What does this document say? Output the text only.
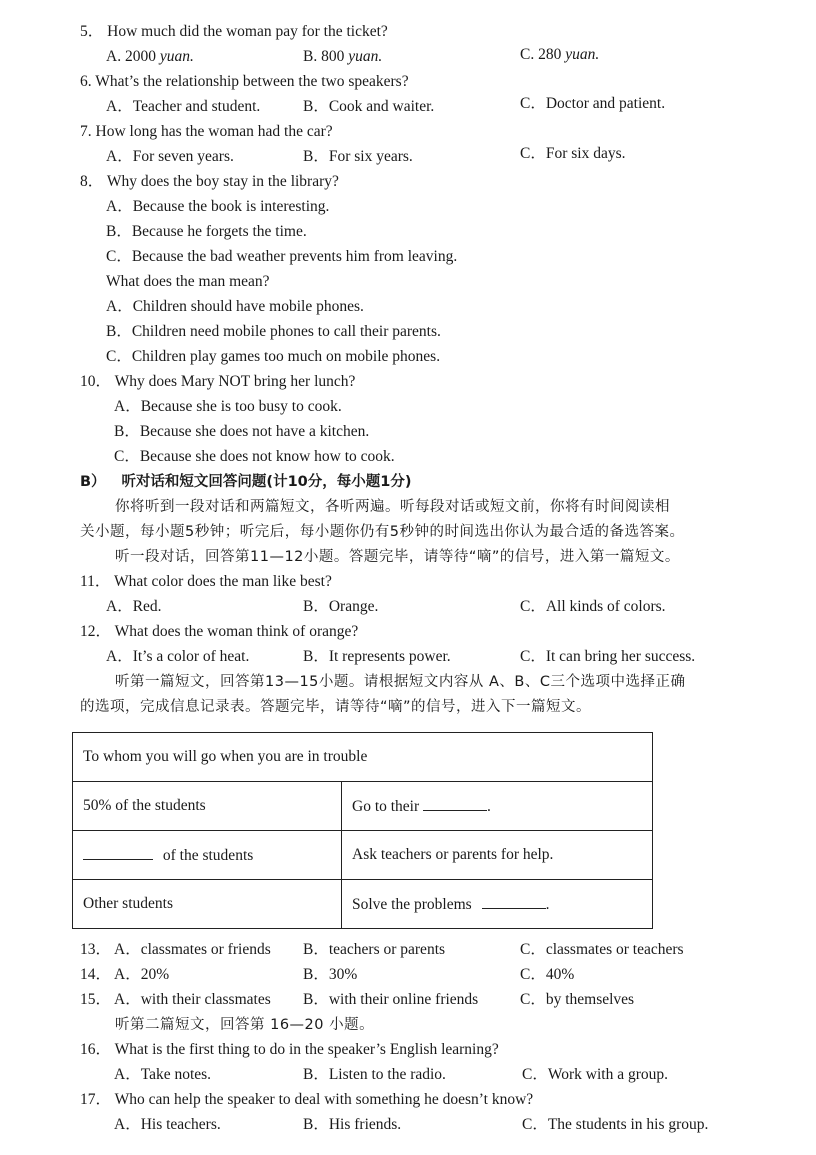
5． How much did the woman pay for the ticket?
A. 2000 yuan.	B. 800 yuan.	C. 280 yuan.
6. What’s the relationship between the two speakers?
A．Teacher and student.	B．Cook and waiter.	C．Doctor and patient.
7. How long has the woman had the car?
A．For seven years.	B．For six years.	C．For six days.
8． Why does the boy stay in the library?
A．Because the book is interesting.
B．Because he forgets the time.
C．Because the bad weather prevents him from leaving.
What does the man mean?
A．Children should have mobile phones.
B．Children need mobile phones to call their parents.
C．Children play games too much on mobile phones.
10． Why does Mary NOT bring her lunch?
A．Because she is too busy to cook.
B．Because she does not have a kitchen.
C．Because she does not know how to cook.
B） 听对话和短文回答问题(计10分，每小题1分)
你将听到一段对话和两篇短文，各听两遍。听每段对话或短文前，你将有时间阅读相
关小题，每小题5秒钟；听完后，每小题你仍有5秒钟的时间选出你认为最合适的备选答案。
听一段对话，回答第11—12小题。答题完毕，请等待“嘀”的信号，进入第一篇短文。
11． What color does the man like best?
A．Red.	B．Orange.	C．All kinds of colors.
12． What does the woman think of orange?
A．It’s a color of heat.	B．It represents power.	C．It can bring her success.
听第一篇短文，回答第13—15小题。请根据短文内容从 A、B、C三个选项中选择正确
的选项，完成信息记录表。答题完毕，请等待“嘀”的信号，进入下一篇短文。
To whom you will go when you are in trouble	
50% of the students	Go to their .
of the students	Ask teachers or parents for help.
Other students	Solve the problems .
13． A．classmates or friends B．teachers or parents	C．classmates or teachers
14． A．20%	B．30%	C．40%
15． A．with their classmates B．with their online friends	C．by themselves
听第二篇短文，回答第 16—20 小题。
16． What is the first thing to do in the speaker’s English learning?
A．Take notes.	B．Listen to the radio.	C．Work with a group.
17． Who can help the speaker to deal with something he doesn’t know?
A．His teachers.	B．His friends.	C．The students in his group.
